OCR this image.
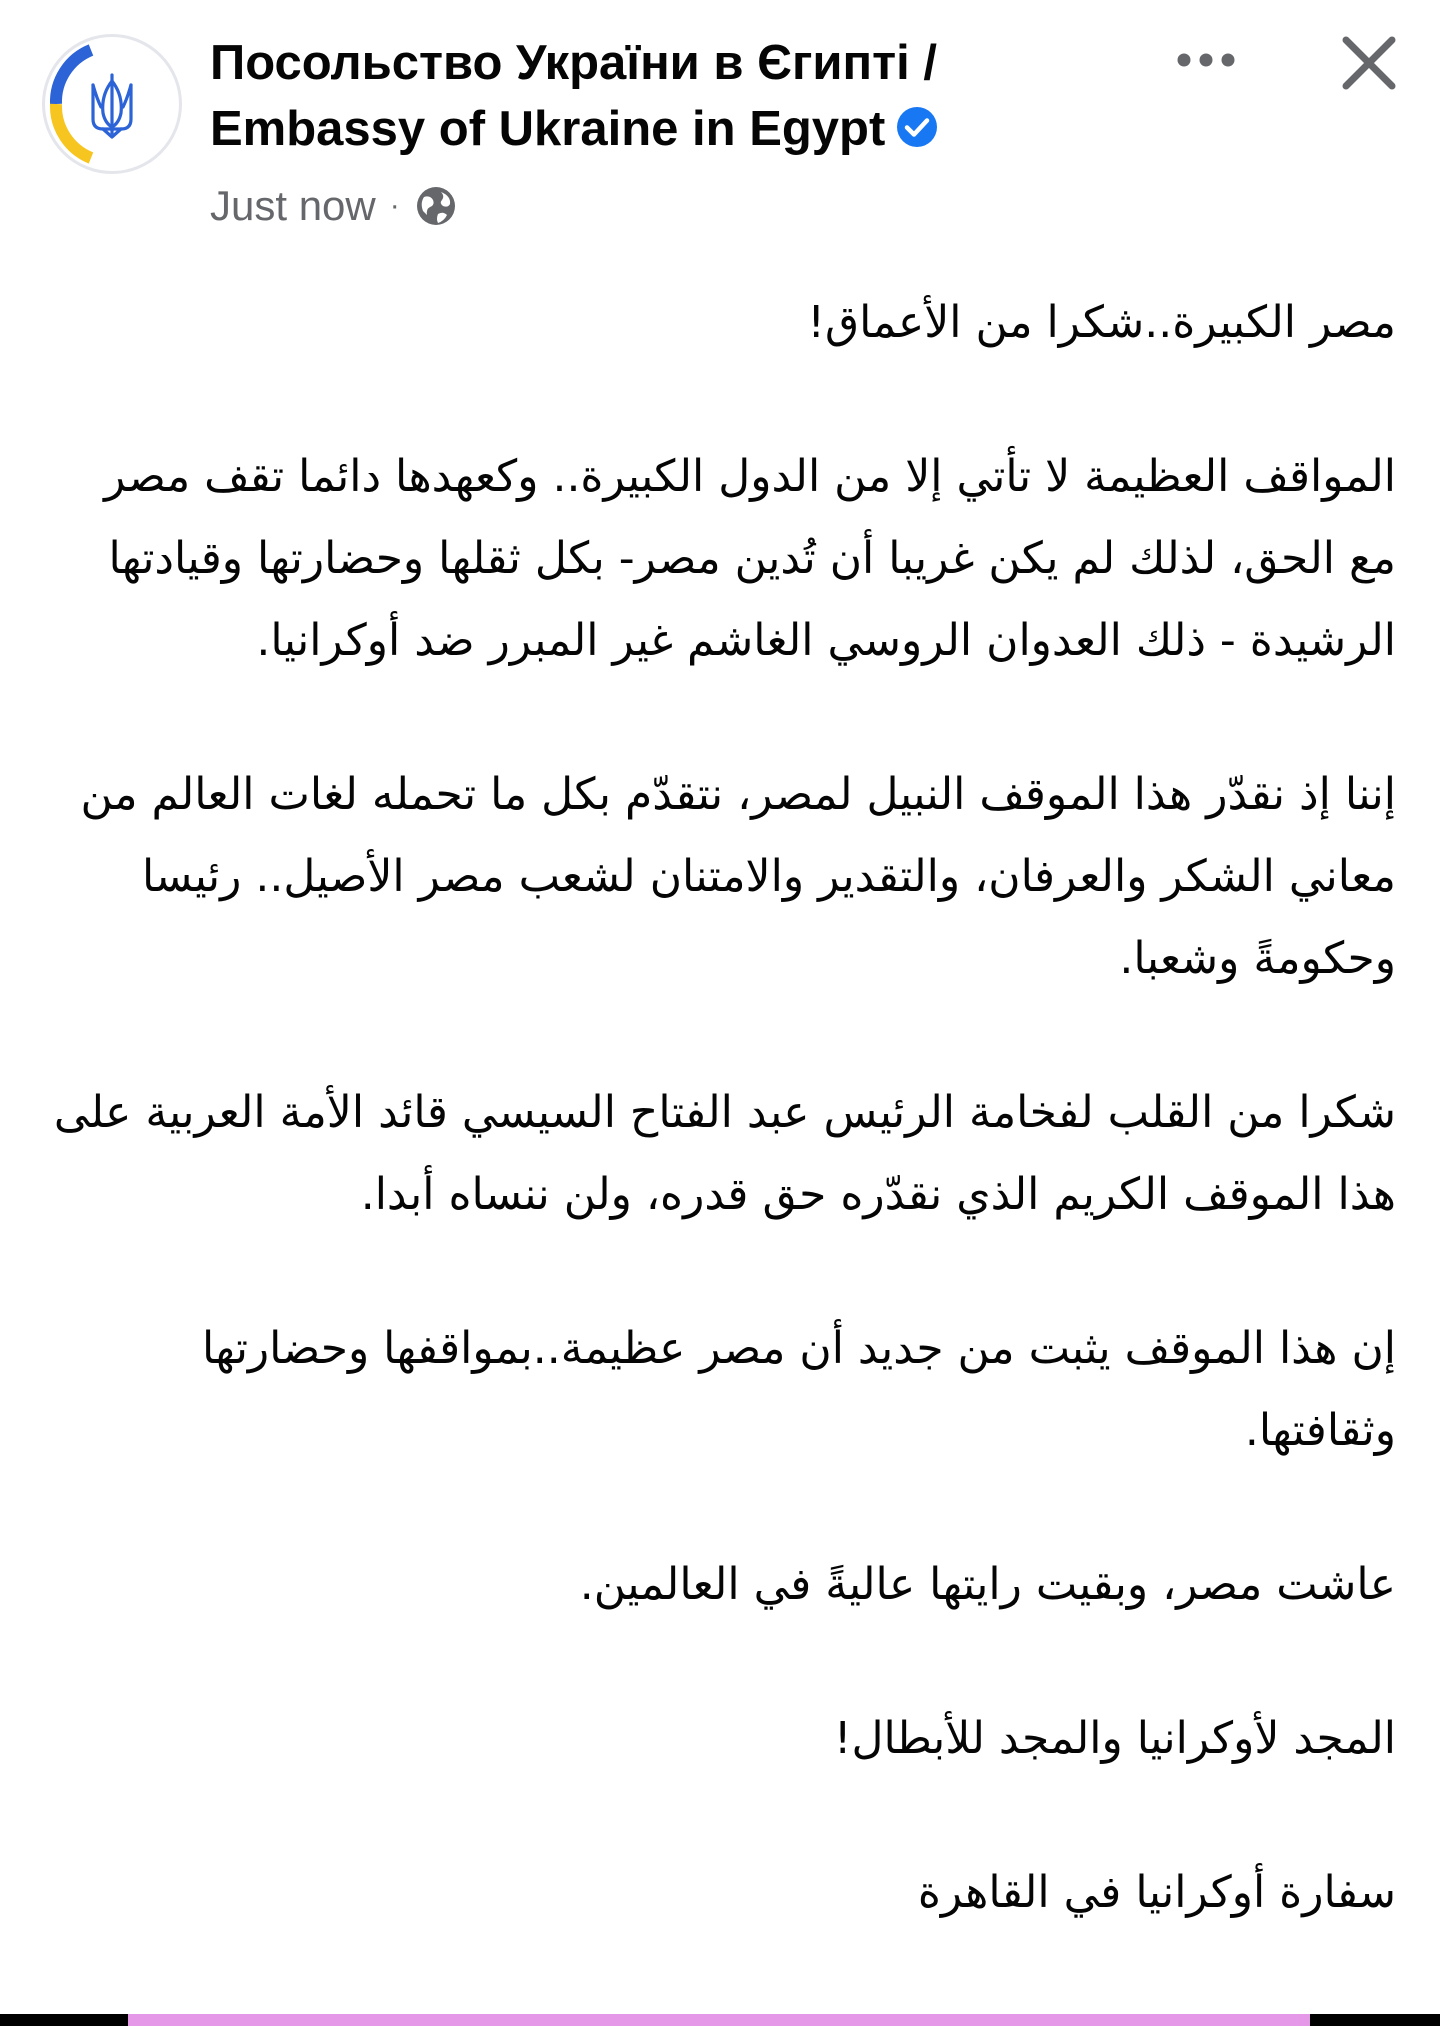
Посольство України в Єгипті /
Embassy of Ukraine in Egypt
Just now ·

مصر الكبيرة..شكرا من الأعماق!

المواقف العظيمة لا تأتي إلا من الدول الكبيرة.. وكعهدها دائما تقف مصر مع الحق، لذلك لم يكن غريبا أن تُدين مصر- بكل ثقلها وحضارتها وقيادتها الرشيدة - ذلك العدوان الروسي الغاشم غير المبرر ضد أوكرانيا.

إننا إذ نقدّر هذا الموقف النبيل لمصر، نتقدّم بكل ما تحمله لغات العالم من معاني الشكر والعرفان، والتقدير والامتنان لشعب مصر الأصيل.. رئيسا وحكومةً وشعبا.

شكرا من القلب لفخامة الرئيس عبد الفتاح السيسي قائد الأمة العربية على هذا الموقف الكريم الذي نقدّره حق قدره، ولن ننساه أبدا.

إن هذا الموقف يثبت من جديد أن مصر عظيمة..بمواقفها وحضارتها وثقافتها.

عاشت مصر، وبقيت رايتها عاليةً في العالمين.

المجد لأوكرانيا والمجد للأبطال!

سفارة أوكرانيا في القاهرة
